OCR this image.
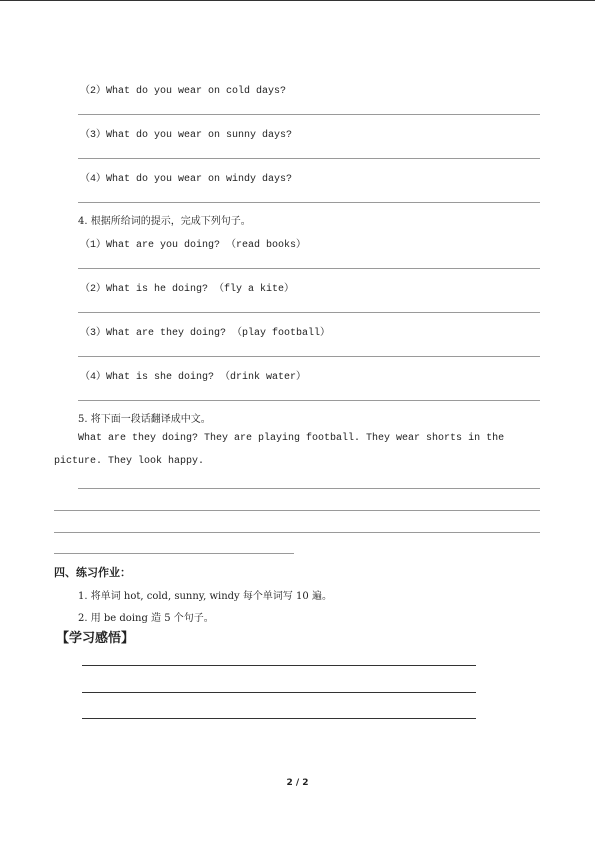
（2）What do you wear on cold days?
（3）What do you wear on sunny days?
（4）What do you wear on windy days?
4. 根据所给词的提示，完成下列句子。
（1）What are you doing? （read books）
（2）What is he doing? （fly a kite）
（3）What are they doing? （play football）
（4）What is she doing? （drink water）
5. 将下面一段话翻译成中文。
What are they doing? They are playing football. They wear shorts in the
picture. They look happy.
四、练习作业：
1. 将单词 hot, cold, sunny, windy 每个单词写 10 遍。
2. 用 be doing 造 5 个句子。
【学习感悟】
2 / 2
